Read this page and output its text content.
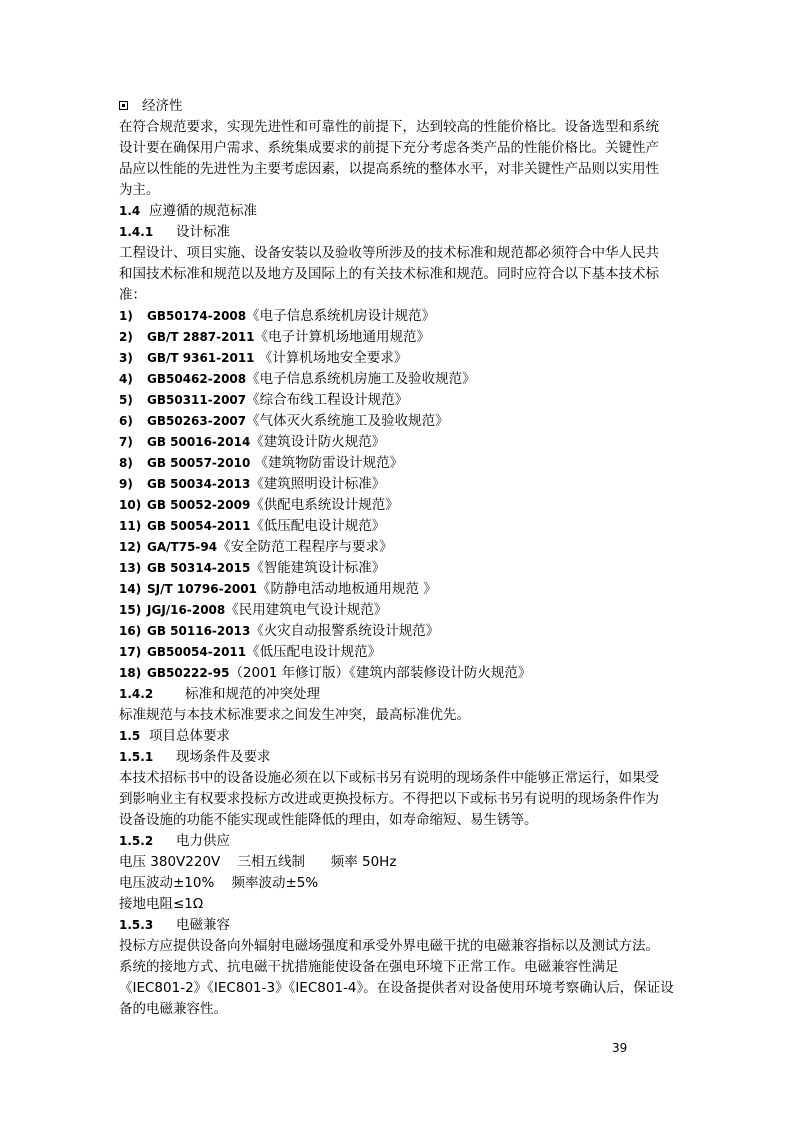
经济性
在符合规范要求，实现先进性和可靠性的前提下，达到较高的性能价格比。设备选型和系统
设计要在确保用户需求、系统集成要求的前提下充分考虑各类产品的性能价格比。关键性产
品应以性能的先进性为主要考虑因素，以提高系统的整体水平，对非关键性产品则以实用性
为主。
1.4 应遵循的规范标准
1.4.1 设计标准
工程设计、项目实施、设备安装以及验收等所涉及的技术标准和规范都必须符合中华人民共
和国技术标准和规范以及地方及国际上的有关技术标准和规范。同时应符合以下基本技术标
准：
1) GB50174-2008《电子信息系统机房设计规范》
2) GB/T 2887-2011《电子计算机场地通用规范》
3) GB/T 9361-2011 《计算机场地安全要求》
4) GB50462-2008《电子信息系统机房施工及验收规范》
5) GB50311-2007《综合布线工程设计规范》
6) GB50263-2007《气体灭火系统施工及验收规范》
7) GB 50016-2014《建筑设计防火规范》
8) GB 50057-2010 《建筑物防雷设计规范》
9) GB 50034-2013《建筑照明设计标准》
10) GB 50052-2009《供配电系统设计规范》
11) GB 50054-2011《低压配电设计规范》
12) GA/T75-94《安全防范工程程序与要求》
13) GB 50314-2015《智能建筑设计标准》
14) SJ/T 10796-2001《防静电活动地板通用规范 》
15) JGJ/16-2008《民用建筑电气设计规范》
16) GB 50116-2013《火灾自动报警系统设计规范》
17) GB50054-2011《低压配电设计规范》
18) GB50222-95（2001 年修订版）《建筑内部装修设计防火规范》
1.4.2 标准和规范的冲突处理
标准规范与本技术标准要求之间发生冲突，最高标准优先。
1.5 项目总体要求
1.5.1 现场条件及要求
本技术招标书中的设备设施必须在以下或标书另有说明的现场条件中能够正常运行，如果受
到影响业主有权要求投标方改进或更换投标方。不得把以下或标书另有说明的现场条件作为
设备设施的功能不能实现或性能降低的理由，如寿命缩短、易生锈等。
1.5.2 电力供应
电压 380V220V    三相五线制      频率 50Hz
电压波动±10%    频率波动±5%
接地电阻≤1Ω
1.5.3 电磁兼容
投标方应提供设备向外辐射电磁场强度和承受外界电磁干扰的电磁兼容指标以及测试方法。
系统的接地方式、抗电磁干扰措施能使设备在强电环境下正常工作。电磁兼容性满足
《IEC801-2》《IEC801-3》《IEC801-4》。在设备提供者对设备使用环境考察确认后，保证设
备的电磁兼容性。
39
